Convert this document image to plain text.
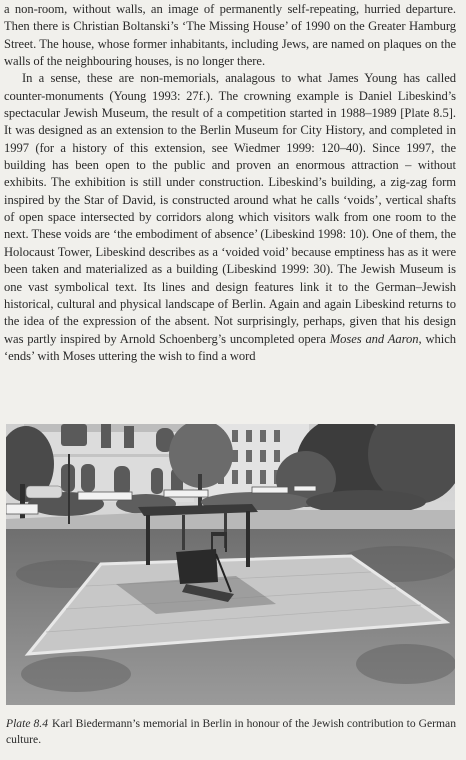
a non-room, without walls, an image of permanently self-repeating, hurried departure. Then there is Christian Boltanski’s ‘The Missing House’ of 1990 on the Greater Hamburg Street. The house, whose former inhabitants, including Jews, are named on plaques on the walls of the neighbouring houses, is no longer there.

In a sense, these are non-memorials, analagous to what James Young has called counter-monuments (Young 1993: 27f.). The crowning example is Daniel Libeskind’s spectacular Jewish Museum, the result of a competition started in 1988–1989 [Plate 8.5]. It was designed as an extension to the Berlin Museum for City History, and completed in 1997 (for a history of this extension, see Wiedmer 1999: 120–40). Since 1997, the building has been open to the public and proven an enormous attraction – without exhibits. The exhibition is still under construction. Libeskind’s building, a zig-zag form inspired by the Star of David, is constructed around what he calls ‘voids’, vertical shafts of open space intersected by corridors along which visitors walk from one room to the next. These voids are ‘the embodiment of absence’ (Libeskind 1998: 10). One of them, the Holocaust Tower, Libeskind describes as a ‘voided void’ because emptiness has as it were been taken and materialized as a building (Libeskind 1999: 30). The Jewish Museum is one vast symbolical text. Its lines and design features link it to the German–Jewish historical, cultural and physical landscape of Berlin. Again and again Libeskind returns to the idea of the expression of the absent. Not surprisingly, perhaps, given that his design was partly inspired by Arnold Schoenberg’s uncompleted opera Moses and Aaron, which ‘ends’ with Moses uttering the wish to find a word

Plate 8.4 Karl Biedermann’s memorial in Berlin in honour of the Jewish contribution to German culture.
